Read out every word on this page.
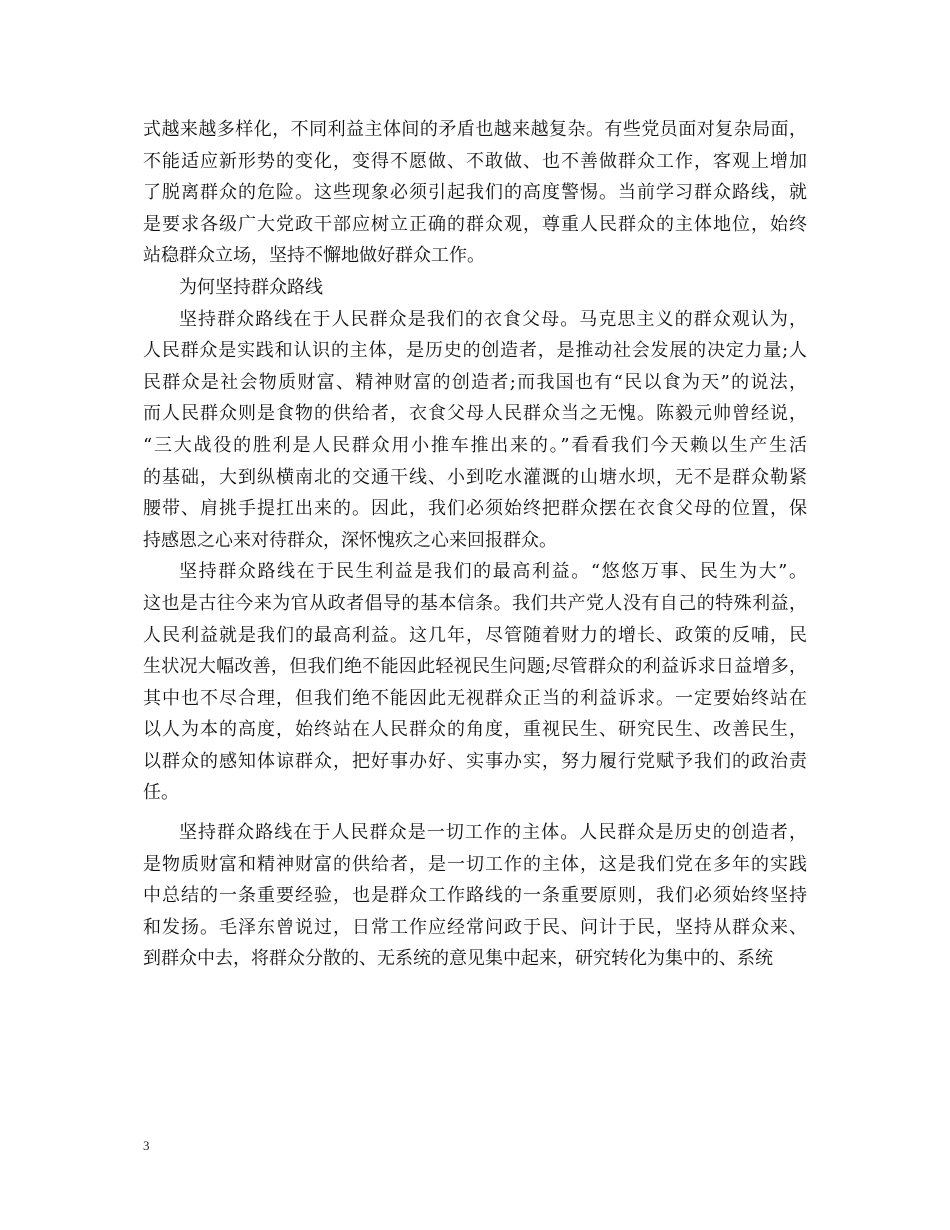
式越来越多样化，不同利益主体间的矛盾也越来越复杂。有些党员面对复杂局面，
不能适应新形势的变化，变得不愿做、不敢做、也不善做群众工作，客观上增加
了脱离群众的危险。这些现象必须引起我们的高度警惕。当前学习群众路线，就
是要求各级广大党政干部应树立正确的群众观，尊重人民群众的主体地位，始终
站稳群众立场，坚持不懈地做好群众工作。
为何坚持群众路线
坚持群众路线在于人民群众是我们的衣食父母。马克思主义的群众观认为，
人民群众是实践和认识的主体，是历史的创造者，是推动社会发展的决定力量;人
民群众是社会物质财富、精神财富的创造者;而我国也有“民以食为天”的说法，
而人民群众则是食物的供给者，衣食父母人民群众当之无愧。陈毅元帅曾经说，
“三大战役的胜利是人民群众用小推车推出来的。”看看我们今天赖以生产生活
的基础，大到纵横南北的交通干线、小到吃水灌溉的山塘水坝，无不是群众勒紧
腰带、肩挑手提扛出来的。因此，我们必须始终把群众摆在衣食父母的位置，保
持感恩之心来对待群众，深怀愧疚之心来回报群众。
坚持群众路线在于民生利益是我们的最高利益。“悠悠万事、民生为大”。
这也是古往今来为官从政者倡导的基本信条。我们共产党人没有自己的特殊利益，
人民利益就是我们的最高利益。这几年，尽管随着财力的增长、政策的反哺，民
生状况大幅改善，但我们绝不能因此轻视民生问题;尽管群众的利益诉求日益增多，
其中也不尽合理，但我们绝不能因此无视群众正当的利益诉求。一定要始终站在
以人为本的高度，始终站在人民群众的角度，重视民生、研究民生、改善民生，
以群众的感知体谅群众，把好事办好、实事办实，努力履行党赋予我们的政治责
任。
坚持群众路线在于人民群众是一切工作的主体。人民群众是历史的创造者，
是物质财富和精神财富的供给者，是一切工作的主体，这是我们党在多年的实践
中总结的一条重要经验，也是群众工作路线的一条重要原则，我们必须始终坚持
和发扬。毛泽东曾说过，日常工作应经常问政于民、问计于民，坚持从群众来、
到群众中去，将群众分散的、无系统的意见集中起来，研究转化为集中的、系统
3
